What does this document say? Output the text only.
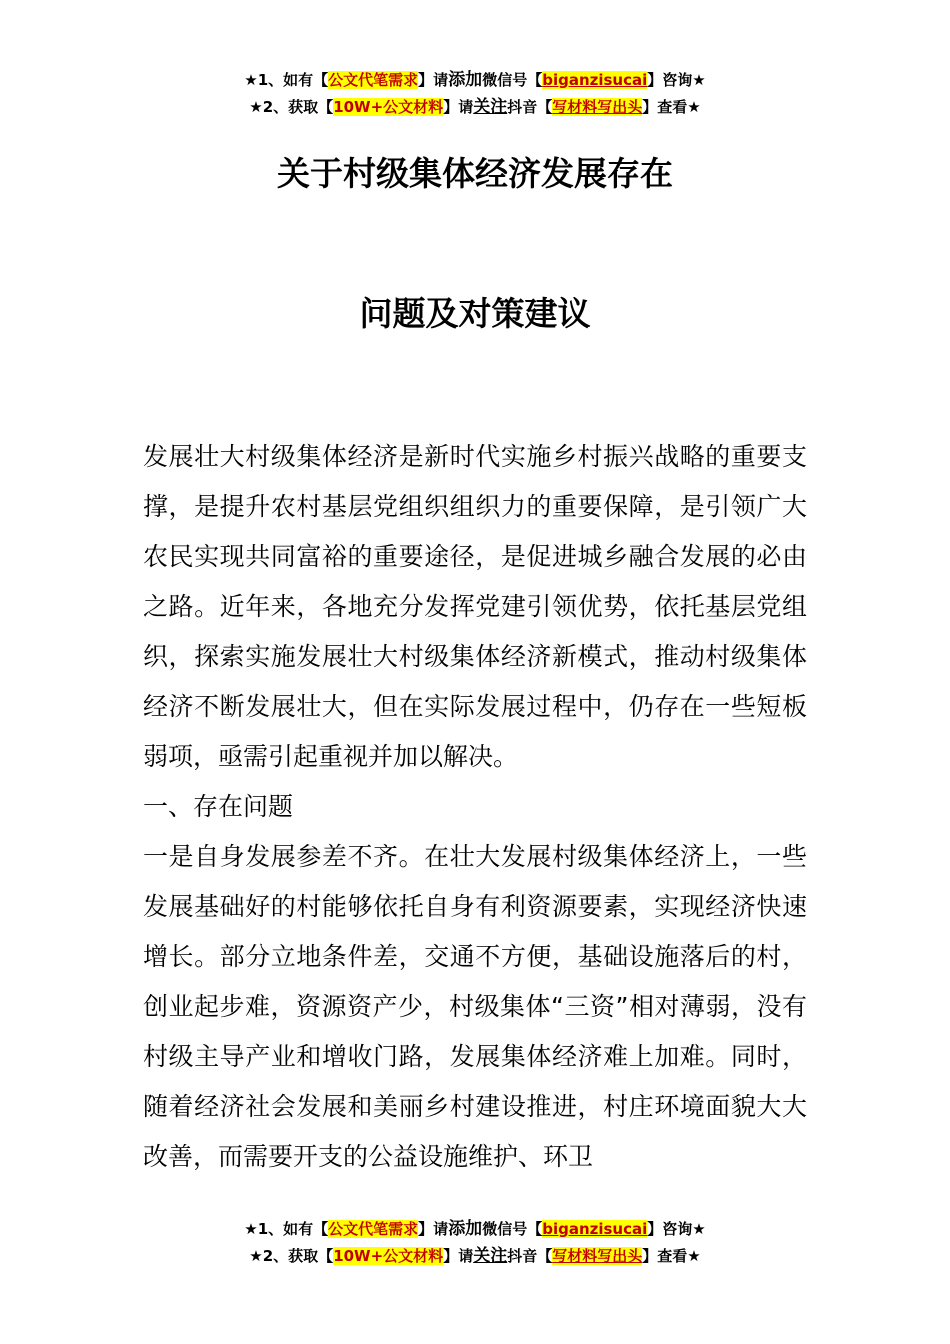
★1、如有【公文代笔需求】请添加微信号【biganzisucai】咨询★
★2、获取【10W+公文材料】请关注抖音【写材料写出头】查看★
关于村级集体经济发展存在
问题及对策建议

发展壮大村级集体经济是新时代实施乡村振兴战略的重要支撑，是提升农村基层党组织组织力的重要保障，是引领广大农民实现共同富裕的重要途径，是促进城乡融合发展的必由之路。近年来，各地充分发挥党建引领优势，依托基层党组织，探索实施发展壮大村级集体经济新模式，推动村级集体经济不断发展壮大，但在实际发展过程中，仍存在一些短板弱项，亟需引起重视并加以解决。

一、存在问题

一是自身发展参差不齐。在壮大发展村级集体经济上，一些发展基础好的村能够依托自身有利资源要素，实现经济快速增长。部分立地条件差，交通不方便，基础设施落后的村，创业起步难，资源资产少，村级集体“三资”相对薄弱，没有村级主导产业和增收门路，发展集体经济难上加难。同时，随着经济社会发展和美丽乡村建设推进，村庄环境面貌大大改善，而需要开支的公益设施维护、环卫

★1、如有【公文代笔需求】请添加微信号【biganzisucai】咨询★
★2、获取【10W+公文材料】请关注抖音【写材料写出头】查看★
